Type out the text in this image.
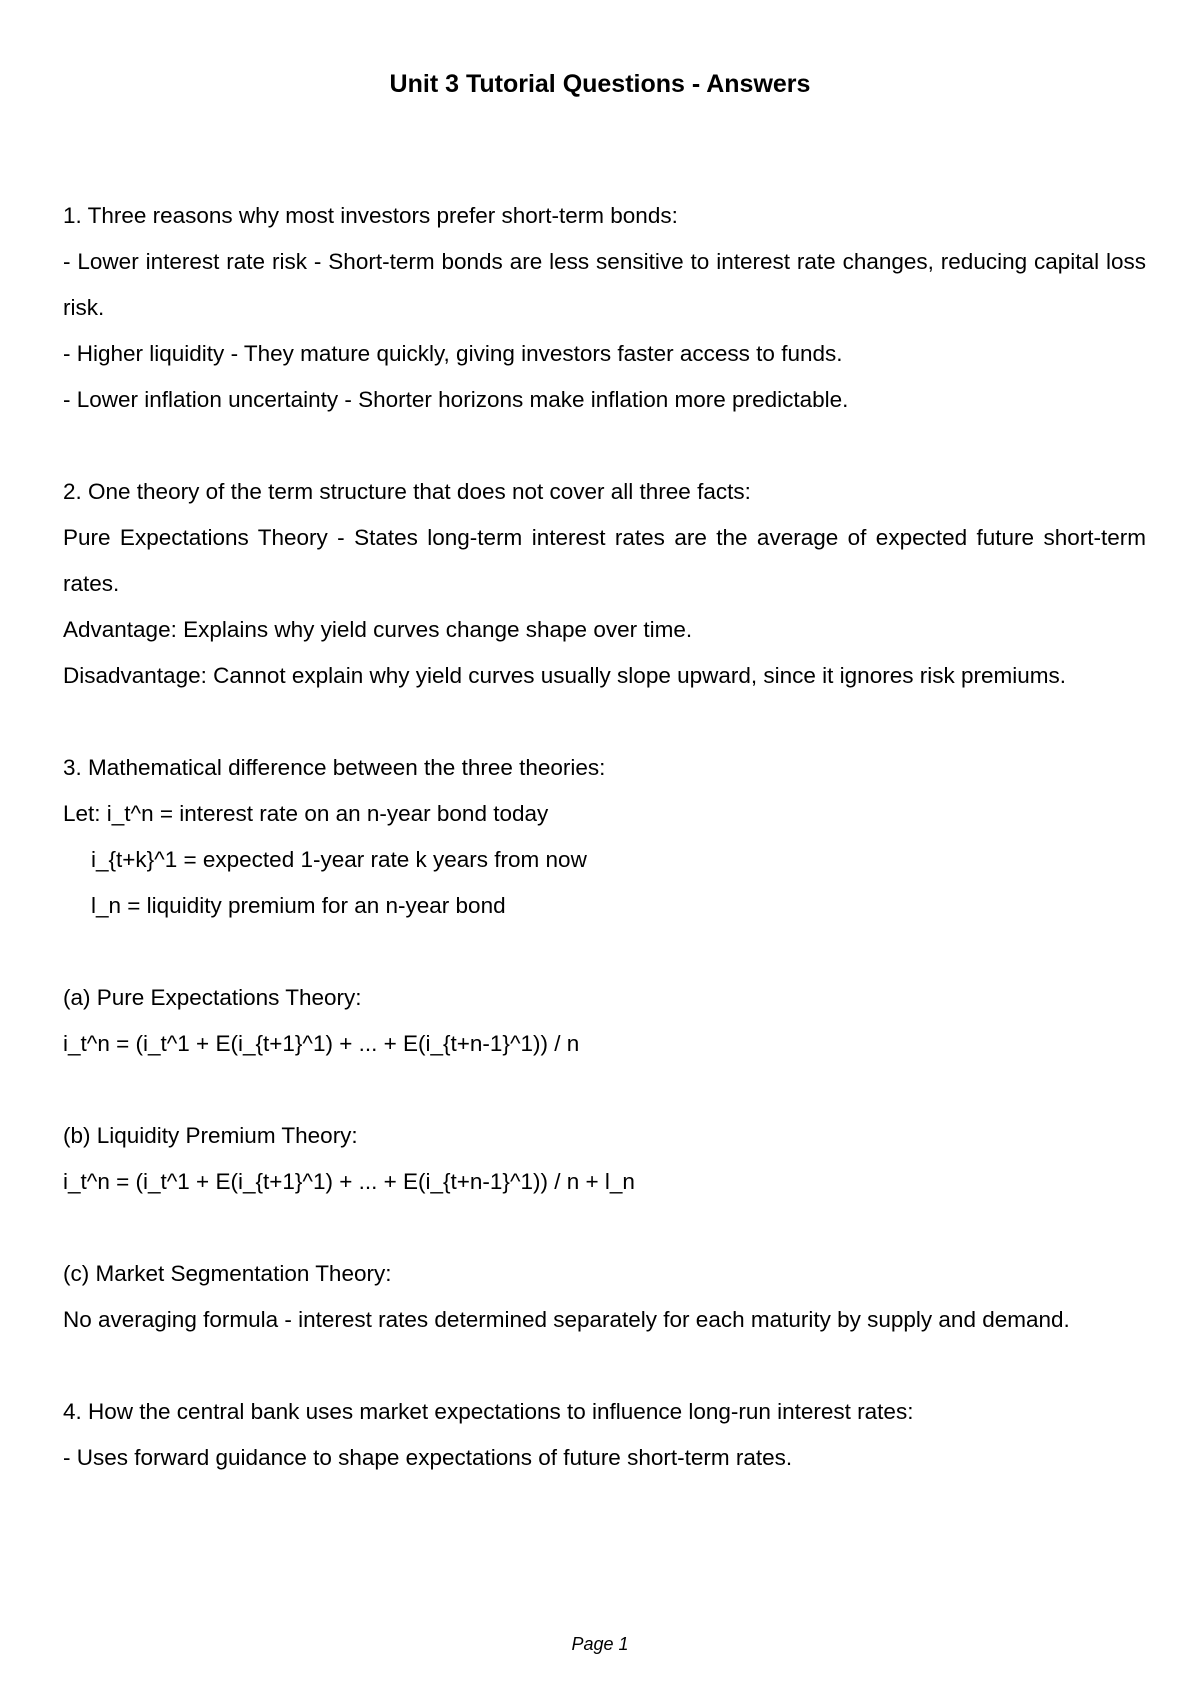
Unit 3 Tutorial Questions - Answers
1. Three reasons why most investors prefer short-term bonds:
- Lower interest rate risk - Short-term bonds are less sensitive to interest rate changes, reducing capital loss risk.
- Higher liquidity - They mature quickly, giving investors faster access to funds.
- Lower inflation uncertainty - Shorter horizons make inflation more predictable.
2. One theory of the term structure that does not cover all three facts:
Pure Expectations Theory - States long-term interest rates are the average of expected future short-term rates.
Advantage: Explains why yield curves change shape over time.
Disadvantage: Cannot explain why yield curves usually slope upward, since it ignores risk premiums.
3. Mathematical difference between the three theories:
Let: i_t^n = interest rate on an n-year bond today
i_{t+k}^1 = expected 1-year rate k years from now
l_n = liquidity premium for an n-year bond
(a) Pure Expectations Theory:
i_t^n = (i_t^1 + E(i_{t+1}^1) + ... + E(i_{t+n-1}^1)) / n
(b) Liquidity Premium Theory:
i_t^n = (i_t^1 + E(i_{t+1}^1) + ... + E(i_{t+n-1}^1)) / n + l_n
(c) Market Segmentation Theory:
No averaging formula - interest rates determined separately for each maturity by supply and demand.
4. How the central bank uses market expectations to influence long-run interest rates:
- Uses forward guidance to shape expectations of future short-term rates.
Page 1
